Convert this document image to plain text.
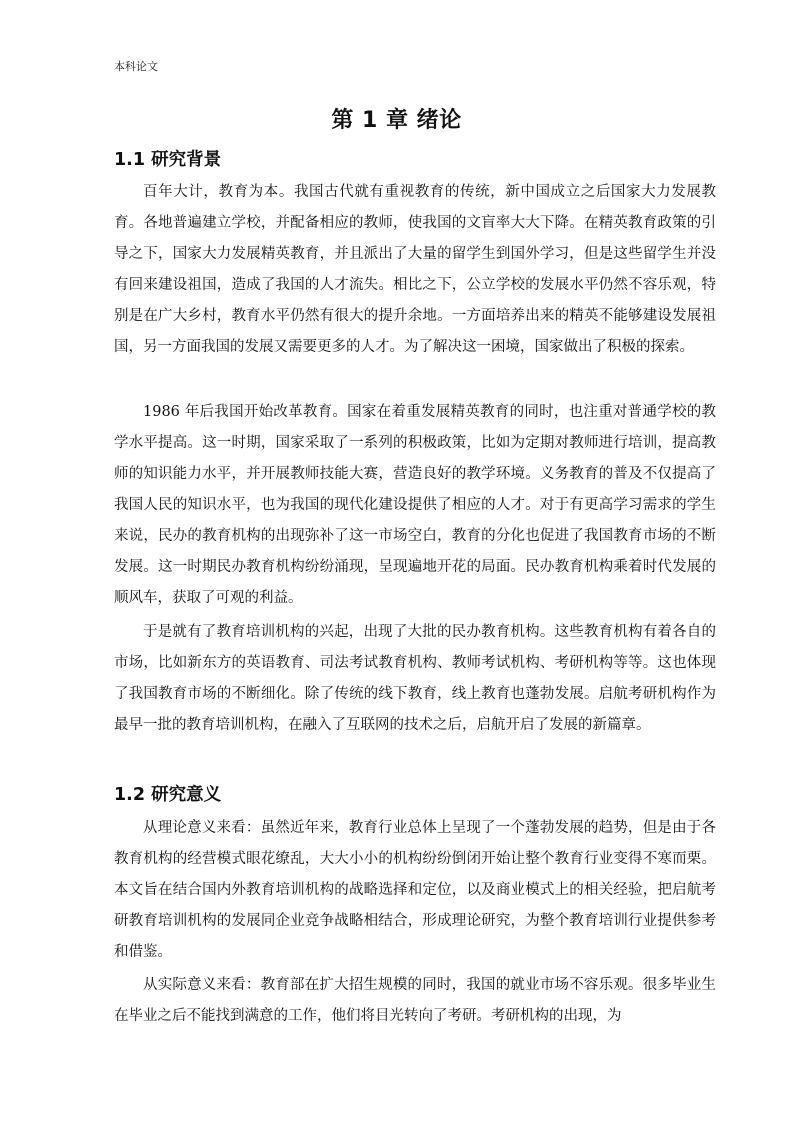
本科论文
第 1 章 绪论
1.1 研究背景

百年大计，教育为本。我国古代就有重视教育的传统，新中国成立之后国家大力发展教育。各地普遍建立学校，并配备相应的教师，使我国的文盲率大大下降。在精英教育政策的引导之下，国家大力发展精英教育，并且派出了大量的留学生到国外学习，但是这些留学生并没有回来建设祖国，造成了我国的人才流失。相比之下，公立学校的发展水平仍然不容乐观，特别是在广大乡村，教育水平仍然有很大的提升余地。一方面培养出来的精英不能够建设发展祖国，另一方面我国的发展又需要更多的人才。为了解决这一困境，国家做出了积极的探索。

1986 年后我国开始改革教育。国家在着重发展精英教育的同时，也注重对普通学校的教学水平提高。这一时期，国家采取了一系列的积极政策，比如为定期对教师进行培训，提高教师的知识能力水平，并开展教师技能大赛，营造良好的教学环境。义务教育的普及不仅提高了我国人民的知识水平，也为我国的现代化建设提供了相应的人才。对于有更高学习需求的学生来说，民办的教育机构的出现弥补了这一市场空白，教育的分化也促进了我国教育市场的不断发展。这一时期民办教育机构纷纷涌现，呈现遍地开花的局面。民办教育机构乘着时代发展的顺风车，获取了可观的利益。

于是就有了教育培训机构的兴起，出现了大批的民办教育机构。这些教育机构有着各自的市场，比如新东方的英语教育、司法考试教育机构、教师考试机构、考研机构等等。这也体现了我国教育市场的不断细化。除了传统的线下教育，线上教育也蓬勃发展。启航考研机构作为最早一批的教育培训机构，在融入了互联网的技术之后，启航开启了发展的新篇章。

1.2 研究意义

从理论意义来看：虽然近年来，教育行业总体上呈现了一个蓬勃发展的趋势，但是由于各教育机构的经营模式眼花缭乱，大大小小的机构纷纷倒闭开始让整个教育行业变得不寒而栗。本文旨在结合国内外教育培训机构的战略选择和定位，以及商业模式上的相关经验，把启航考研教育培训机构的发展同企业竞争战略相结合，形成理论研究，为整个教育培训行业提供参考和借鉴。

从实际意义来看：教育部在扩大招生规模的同时，我国的就业市场不容乐观。很多毕业生在毕业之后不能找到满意的工作，他们将目光转向了考研。考研机构的出现，为
